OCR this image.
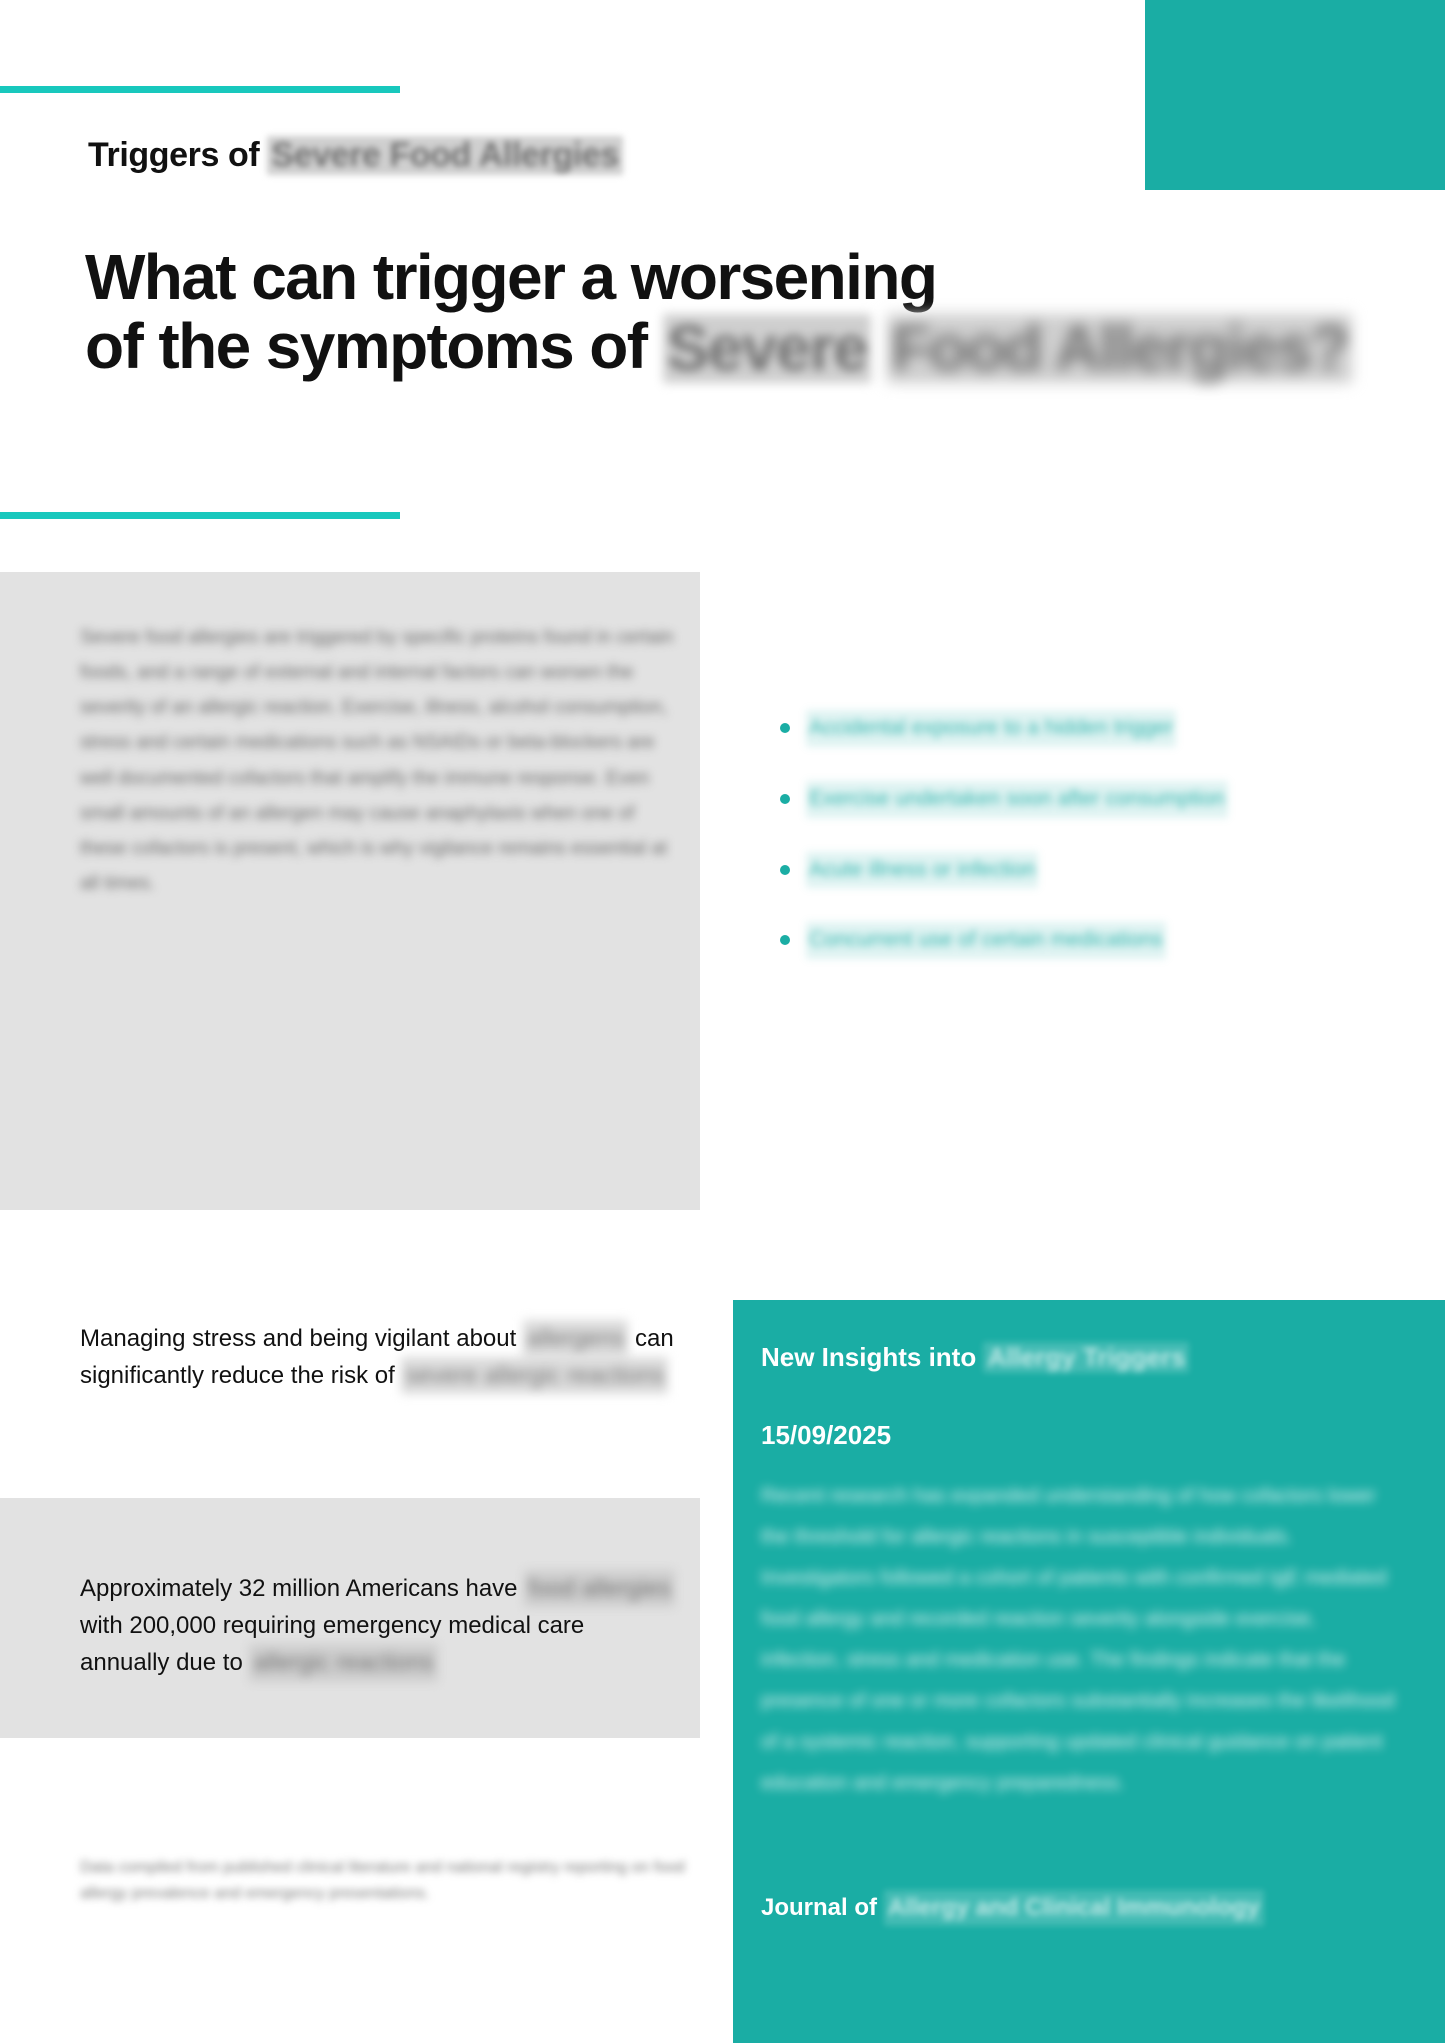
Triggers of Severe Food Allergies
What can trigger a worsening
of the symptoms of Severe Food Allergies?
Severe food allergies are triggered by specific proteins found in certain foods, and a range of external and internal factors can worsen the severity of an allergic reaction. Exercise, illness, alcohol consumption, stress and certain medications such as NSAIDs or beta-blockers are well documented cofactors that amplify the immune response. Even small amounts of an allergen may cause anaphylaxis when one of these cofactors is present, which is why vigilance remains essential at all times.
Accidental exposure to a hidden trigger
Exercise undertaken soon after consumption
Acute illness or infection
Concurrent use of certain medications
Managing stress and being vigilant about allergens can significantly reduce the risk of severe allergic reactions
Approximately 32 million Americans have food allergies with 200,000 requiring emergency medical care annually due to allergic reactions
Data compiled from published clinical literature and national registry reporting on food allergy prevalence and emergency presentations.
New Insights into Allergy Triggers
15/09/2025
Recent research has expanded understanding of how cofactors lower the threshold for allergic reactions in susceptible individuals. Investigators followed a cohort of patients with confirmed IgE mediated food allergy and recorded reaction severity alongside exercise, infection, stress and medication use. The findings indicate that the presence of one or more cofactors substantially increases the likelihood of a systemic reaction, supporting updated clinical guidance on patient education and emergency preparedness.
Journal of Allergy and Clinical Immunology
